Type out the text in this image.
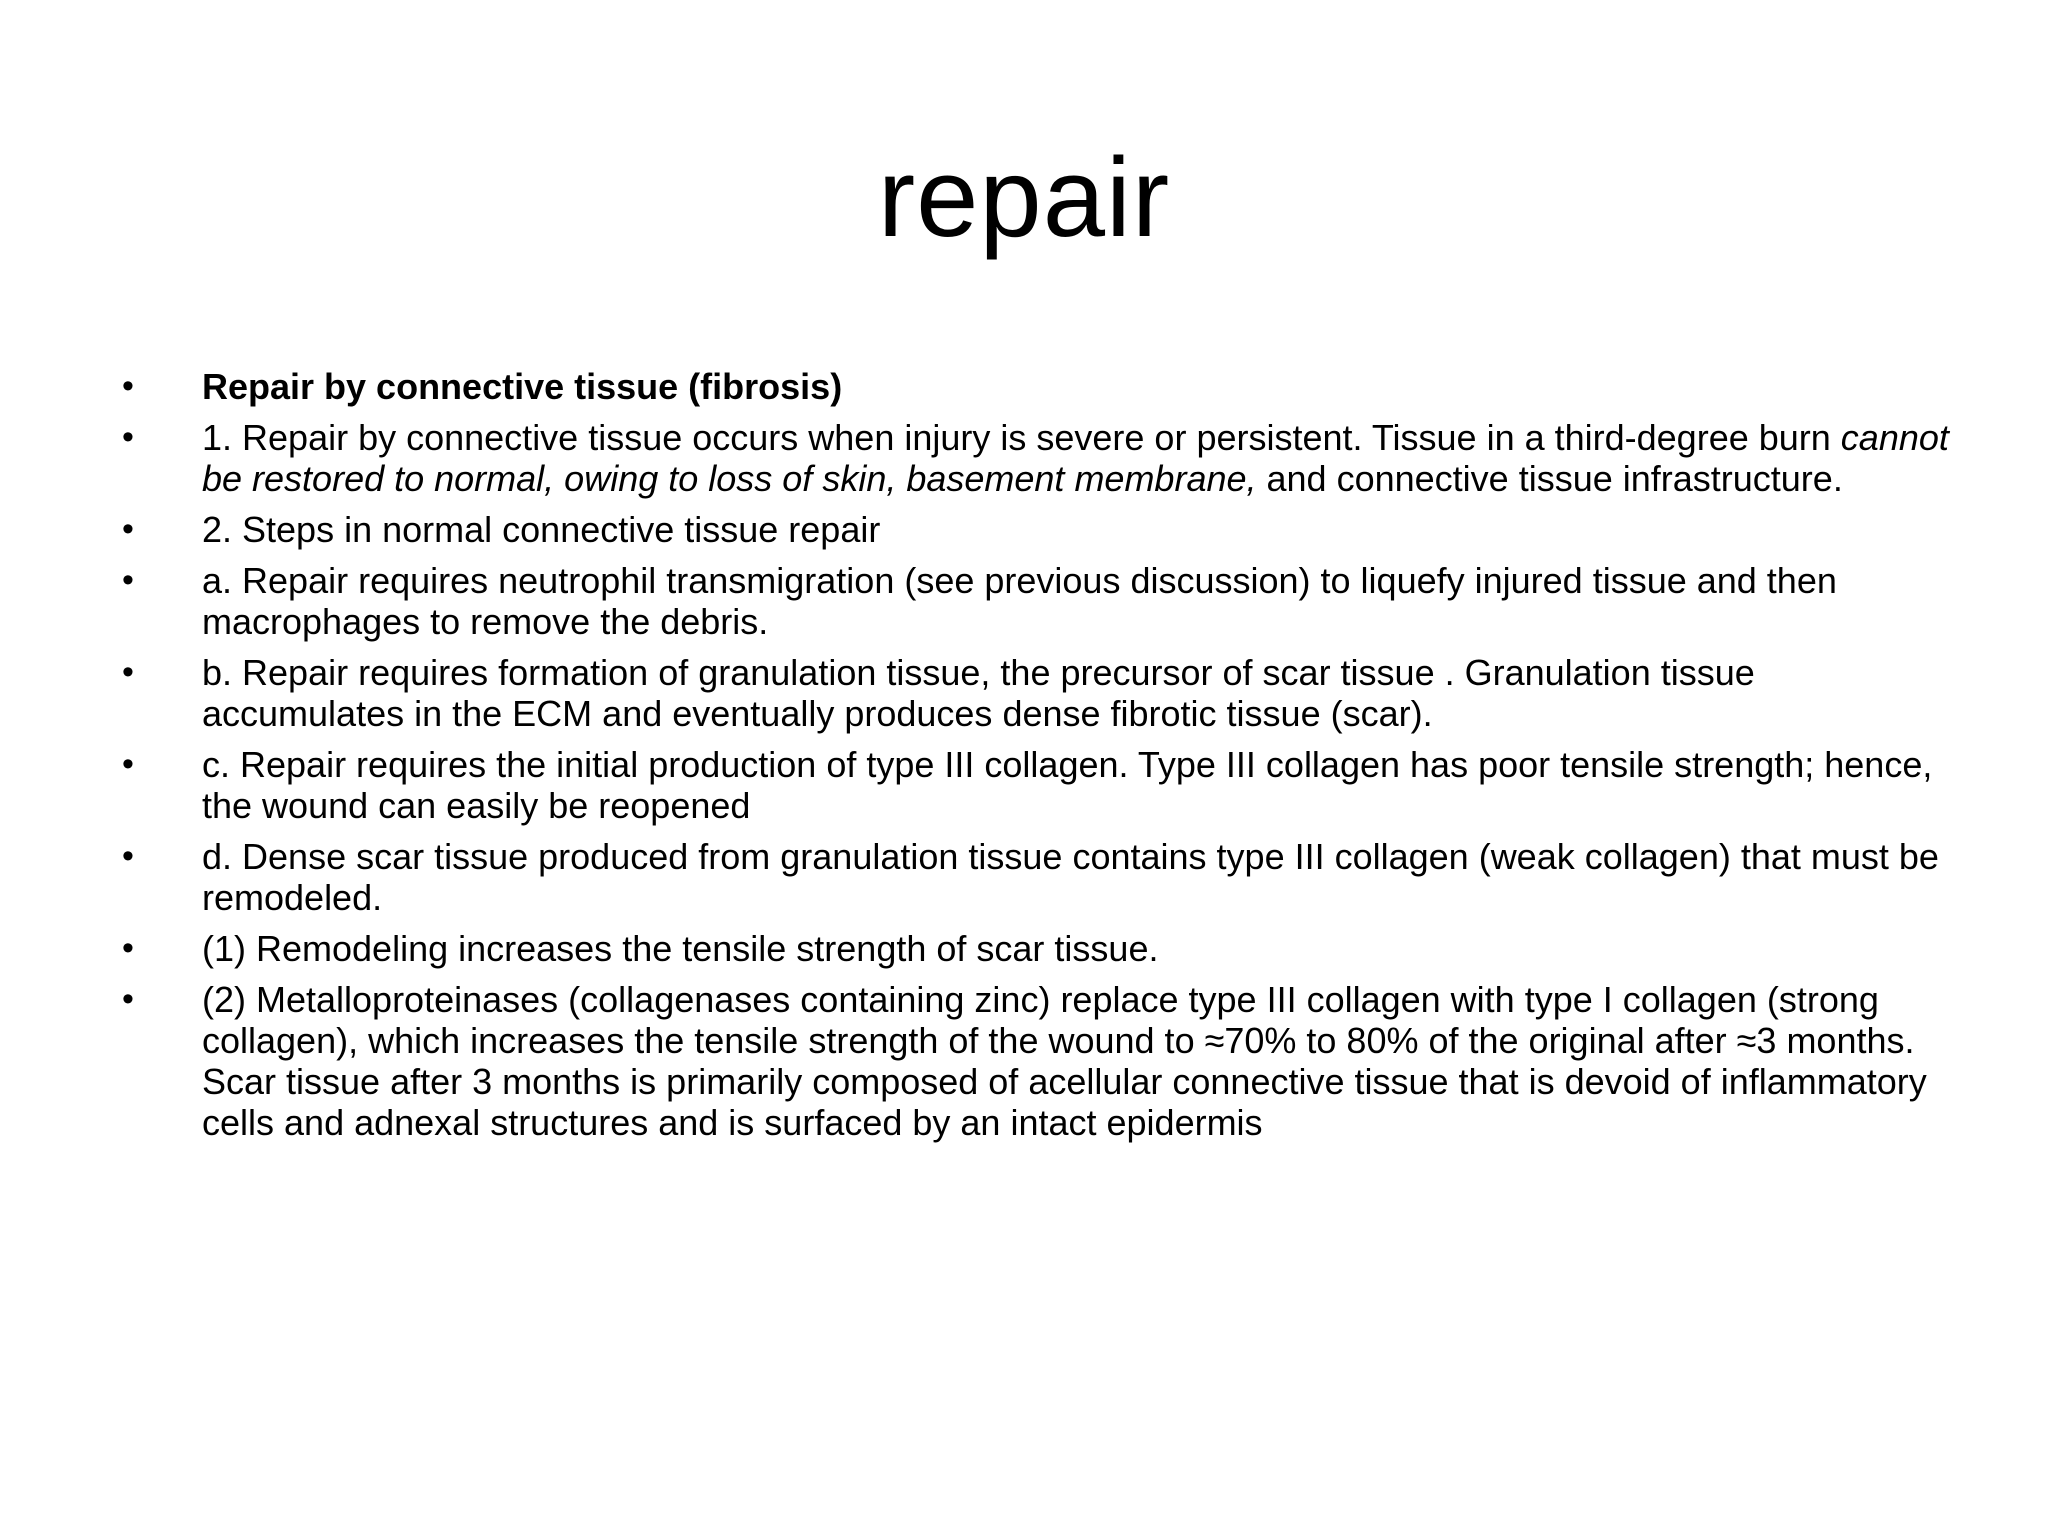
repair
•	Repair by connective tissue (fibrosis)
•	1. Repair by connective tissue occurs when injury is severe or persistent. Tissue in a third-degree burn cannot be restored to normal, owing to loss of skin, basement membrane, and connective tissue infrastructure.
•	2. Steps in normal connective tissue repair
•	a. Repair requires neutrophil transmigration (see previous discussion) to liquefy injured tissue and then macrophages to remove the debris.
•	b. Repair requires formation of granulation tissue, the precursor of scar tissue . Granulation tissue accumulates in the ECM and eventually produces dense fibrotic tissue (scar).
•	c. Repair requires the initial production of type III collagen. Type III collagen has poor tensile strength; hence, the wound can easily be reopened
•	d. Dense scar tissue produced from granulation tissue contains type III collagen (weak collagen) that must be remodeled.
•	(1) Remodeling increases the tensile strength of scar tissue.
•	(2) Metalloproteinases (collagenases containing zinc) replace type III collagen with type I collagen (strong collagen), which increases the tensile strength of the wound to ≈70% to 80% of the original after ≈3 months. Scar tissue after 3 months is primarily composed of acellular connective tissue that is devoid of inflammatory cells and adnexal structures and is surfaced by an intact epidermis
